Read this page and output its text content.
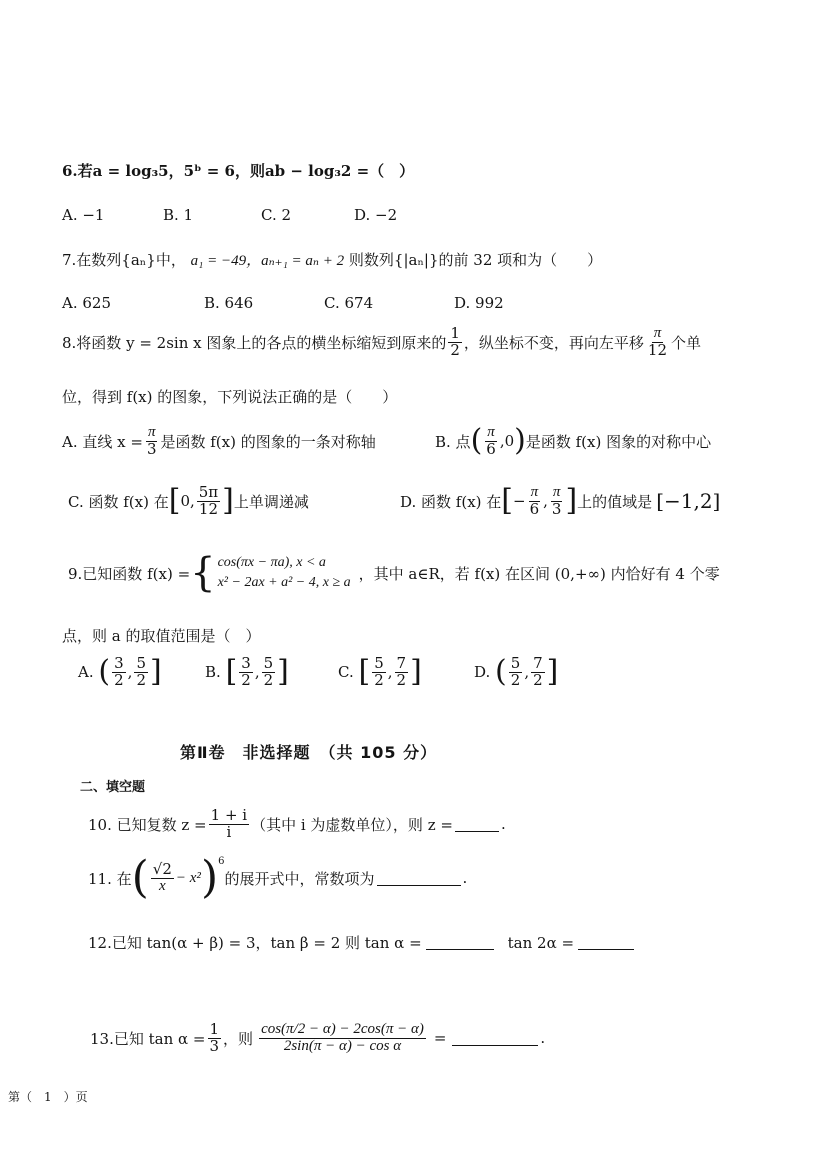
6.若a = log₃5，5ᵇ = 6，则ab − log₃2 =（　）
A. −1	B. 1	C. 2	D. −2
7.在数列{aₙ}中， a₁ = −49，aₙ₊₁ = aₙ + 2 则数列{|aₙ|}的前 32 项和为（　　）
A. 625	B. 646	C. 674	D. 992
8.将函数 y = 2sin x 图象上的各点的横坐标缩短到原来的 $\frac{1}{2}$ ，纵坐标不变，再向左平移 $\frac{\pi}{12}$ 个单
位，得到 f(x) 的图象，下列说法正确的是（　　）
A. 直线 $x = \frac{\pi}{3}$ 是函数 f(x) 的图象的一条对称轴	B. 点 ( $\frac{\pi}{6} ,0$ ) 是函数 f(x) 图象的对称中心
C. 函数 f(x) 在 [ 0, $\frac{5\pi}{12}$ ] 上单调递减	D. 函数 f(x) 在 [ − $\frac{\pi}{6}$ , $\frac{\pi}{3}$ ] 上的值域是 [−1,2]
9.已知函数 f(x) = { cos(πx − πa), x < a
x² − 2ax + a² − 4, x ≥ a ，其中 a∈R，若 f(x) 在区间 (0,+∞) 内恰好有 4 个零
点，则 a 的取值范围是（　）
A.
( $\frac{3}{2}$ , $\frac{5}{2}$ ]	B.
[ $\frac{3}{2}$ , $\frac{5}{2}$ ]	C.
[ $\frac{5}{2}$ , $\frac{7}{2}$ ]	D.
( $\frac{5}{2}$ , $\frac{7}{2}$ ]
第Ⅱ卷　非选择题　（共 105 分）
二、填空题
10. 已知复数 $z = \frac{1 + i}{i}$ （其中 i 为虚数单位），则 z =	.
11. 在 ( $\frac{√2}{x} - x^2$ ) 6
的展开式中，常数项为	.
12.已知 tan(α + β) = 3，tan β = 2 则 tan α =	tan 2α =
13.已知 $\tan \alpha = \frac{1}{3}$ ，则 $\frac{\cos(\pi/2 - \alpha) - 2\cos(\pi - \alpha)}{\text{2sin(π − α) − cos α}}$ =	.
第（　1　）页
